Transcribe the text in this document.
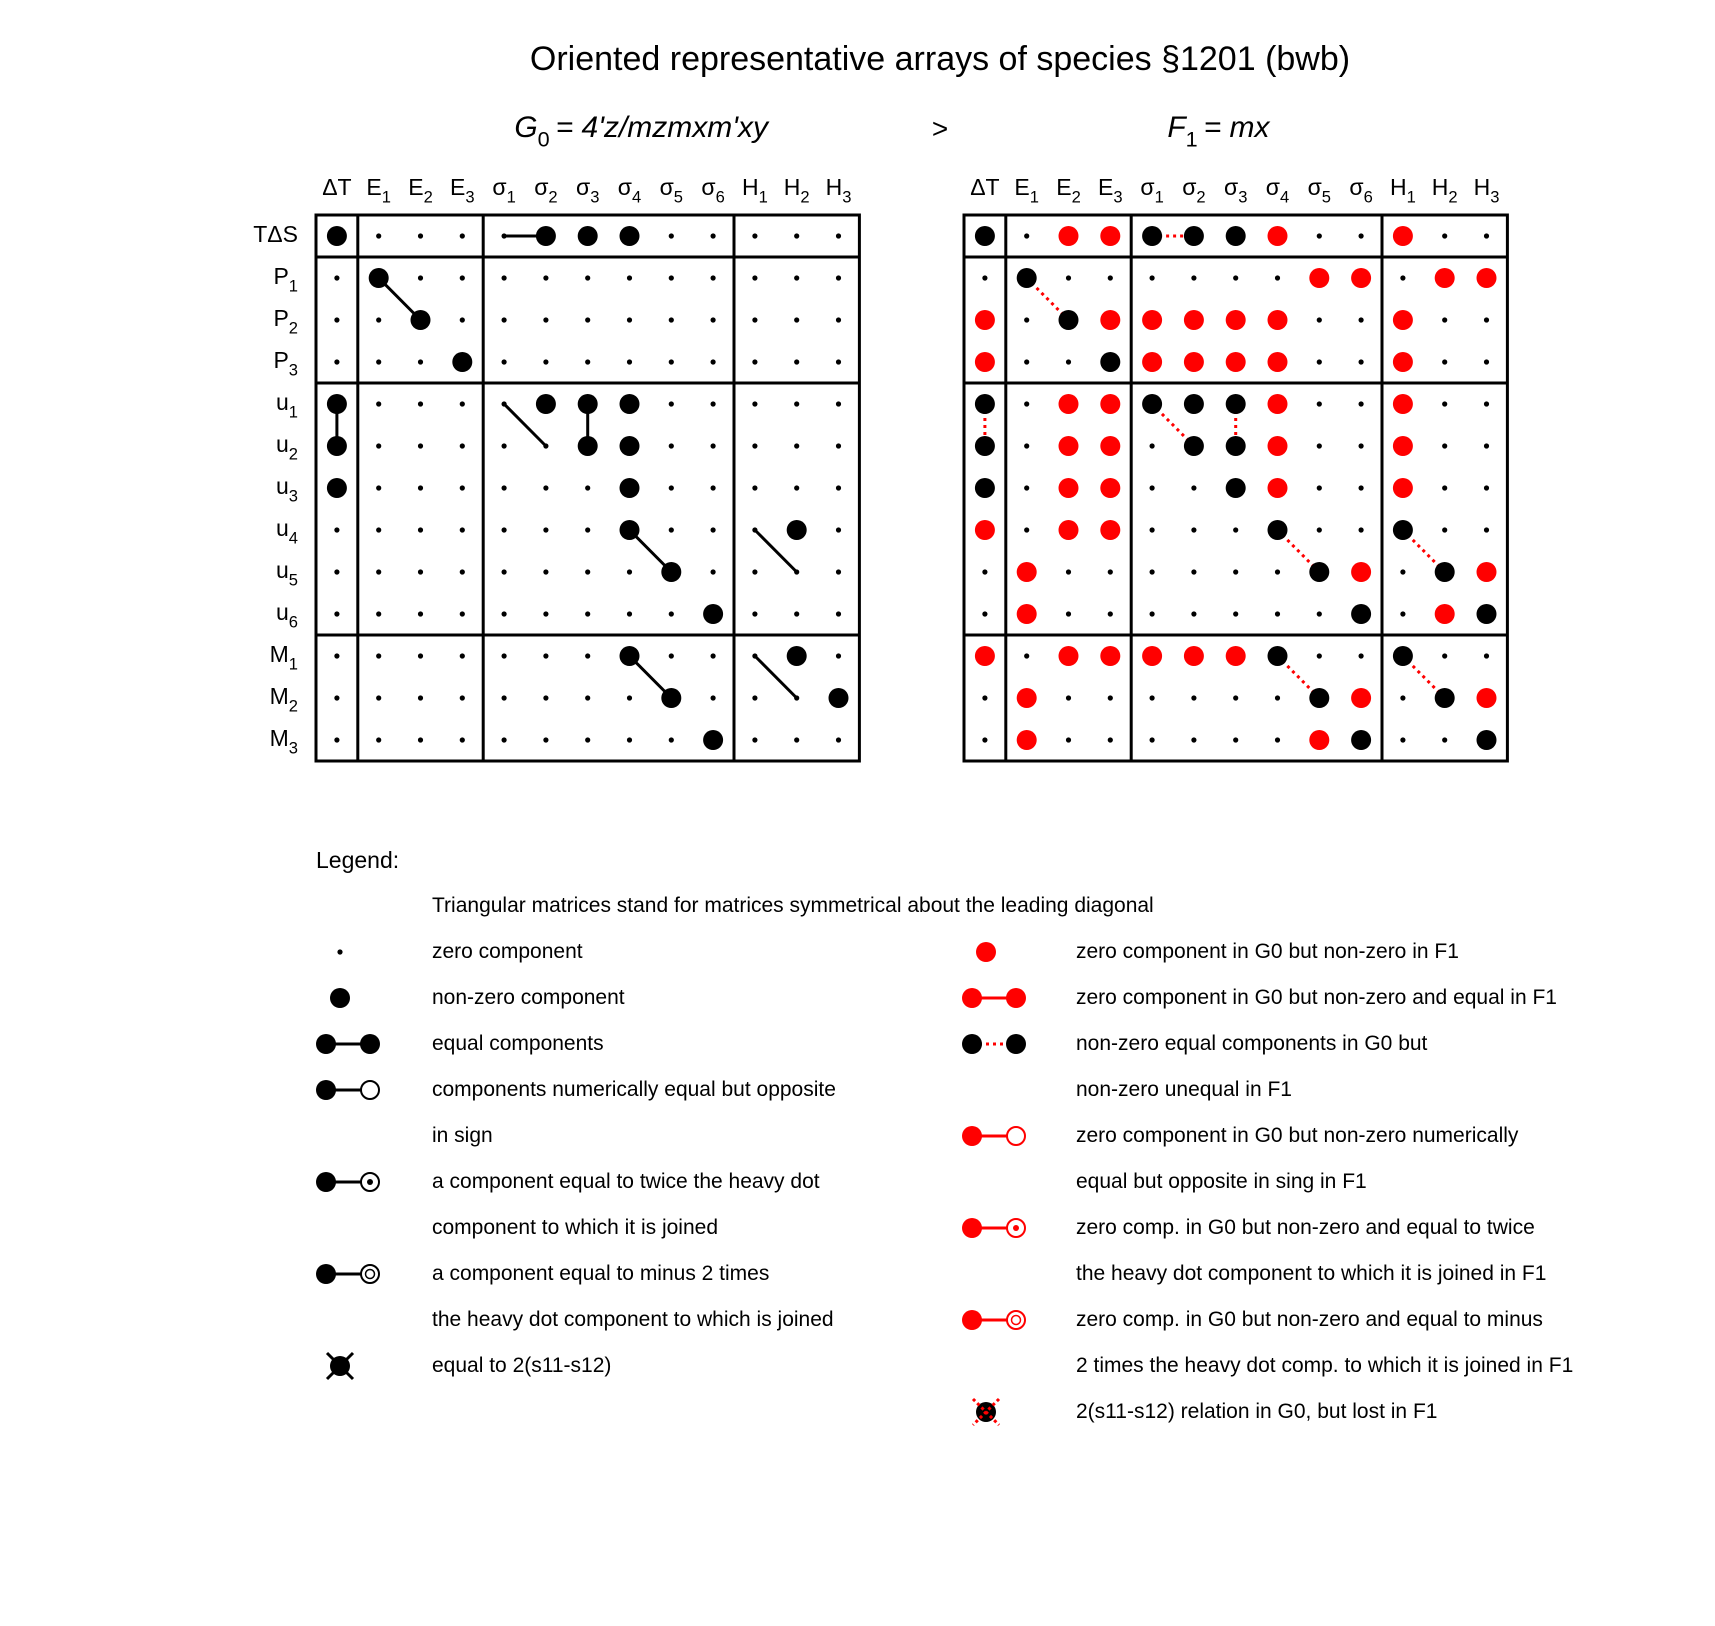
Oriented representative arrays of species §1201 (bwb)
>
TΔS
$P_1$
$P_2$
$P_3$
$u_1$
$u_2$
$u_3$
$u_4$
$u_5$
$u_6$
$M_1$
$M_2$
$M_3$
$G_0$ = 4'z/mzmxm'xy
ΔT $E_1$ $E_2$ $E_3$ $\sigma_1$ $\sigma_2$ $\sigma_3$ $\sigma_4$ $\sigma_5$ $\sigma_6$ $H_1$ $H_2$ $H_3$
$F_1$ = mx
ΔT $E_1$ $E_2$ $E_3$ $\sigma_1$ $\sigma_2$ $\sigma_3$ $\sigma_4$ $\sigma_5$ $\sigma_6$ $H_1$ $H_2$ $H_3$
Legend:
Triangular matrices stand for matrices symmetrical about the leading diagonal
zero component
non-zero component
equal components
components numerically equal but opposite
in sign
a component equal to twice the heavy dot
component to which it is joined
a component equal to minus 2 times
the heavy dot component to which is joined
equal to 2(s11-s12)
zero component in G0 but non-zero in F1
zero component in G0 but non-zero and equal in F1
non-zero equal components in G0 but
non-zero unequal in F1
zero component in G0 but non-zero numerically
equal but opposite in sing in F1
zero comp. in G0 but non-zero and equal to twice
the heavy dot component to which it is joined in F1
zero comp. in G0 but non-zero and equal to minus
2 times the heavy dot comp. to which it is joined in F1
2(s11-s12) relation in G0, but lost in F1
